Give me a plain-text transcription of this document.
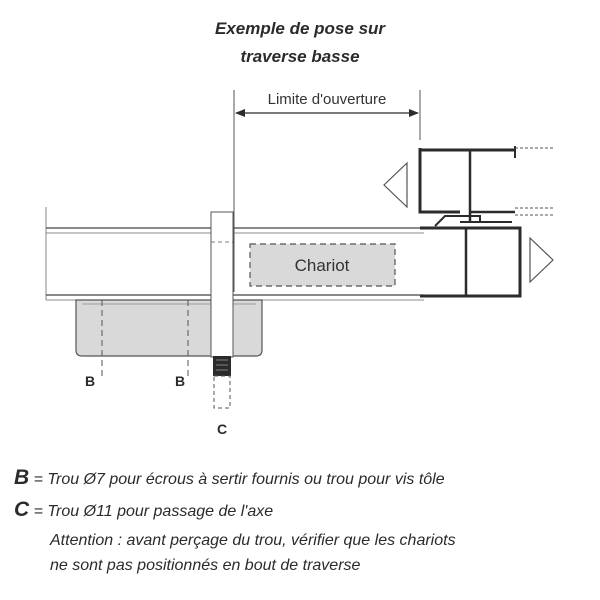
Exemple de pose sur
traverse basse
Limite d'ouverture
Chariot
B	B
C
B = Trou Ø7 pour écrous à sertir fournis ou trou pour vis tôle
C = Trou Ø11 pour passage de l'axe
Attention : avant perçage du trou, vérifier que les chariots
ne sont pas positionnés en bout de traverse
